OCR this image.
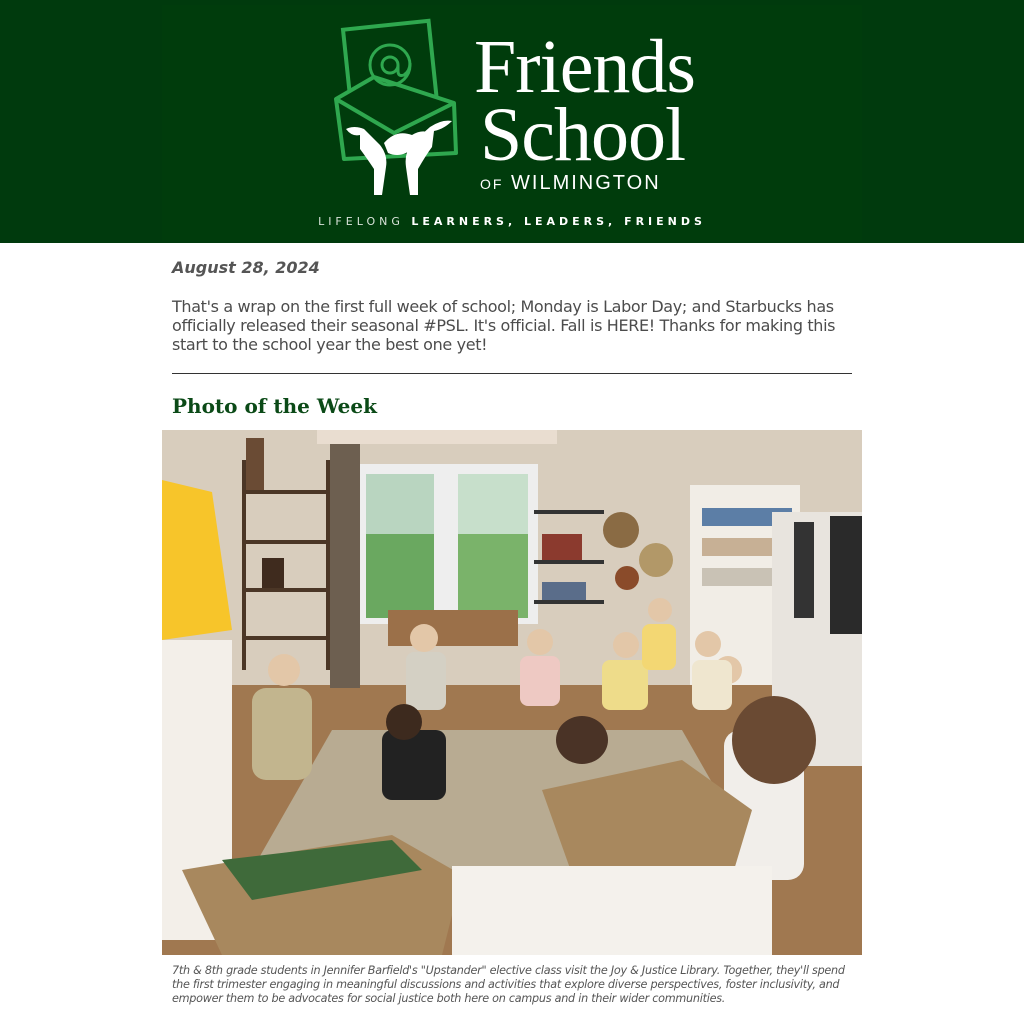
Friends
School
OF WILMINGTON
LIFELONG LEARNERS, LEADERS, FRIENDS
August 28, 2024
That's a wrap on the first full week of school; Monday is Labor Day; and Starbucks has officially released their seasonal #PSL. It's official. Fall is HERE! Thanks for making this start to the school year the best one yet!
Photo of the Week
7th & 8th grade students in Jennifer Barfield's "Upstander" elective class visit the Joy & Justice Library. Together, they'll spend the first trimester engaging in meaningful discussions and activities that explore diverse perspectives, foster inclusivity, and empower them to be advocates for social justice both here on campus and in their wider communities.
